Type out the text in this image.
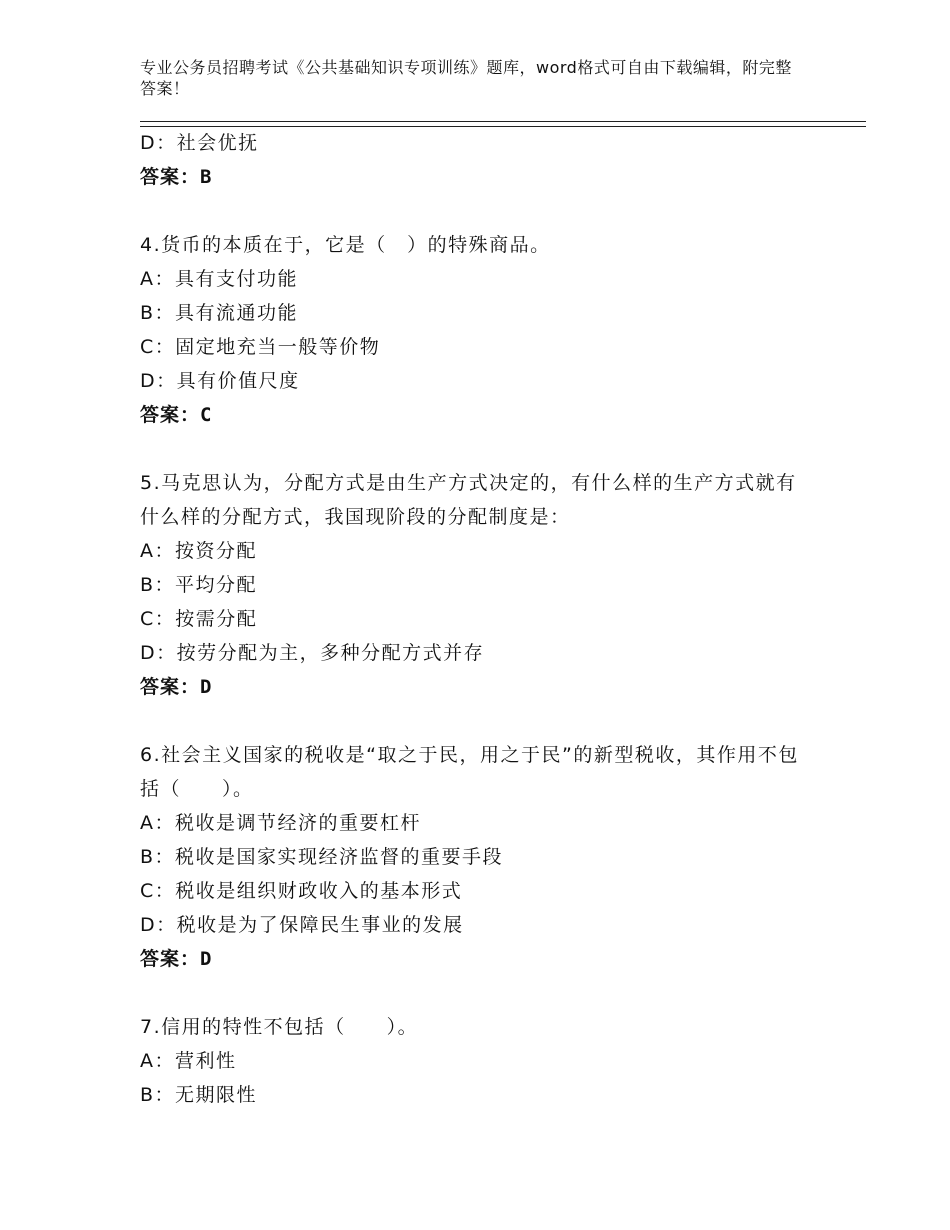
专业公务员招聘考试《公共基础知识专项训练》题库，word格式可自由下载编辑，附完整答案！
D：社会优抚
答案：B
4.货币的本质在于，它是（　）的特殊商品。
A：具有支付功能
B：具有流通功能
C：固定地充当一般等价物
D：具有价值尺度
答案：C
5.马克思认为，分配方式是由生产方式决定的，有什么样的生产方式就有什么样的分配方式，我国现阶段的分配制度是：
A：按资分配
B：平均分配
C：按需分配
D：按劳分配为主，多种分配方式并存
答案：D
6.社会主义国家的税收是“取之于民，用之于民”的新型税收，其作用不包括（　　）。
A：税收是调节经济的重要杠杆
B：税收是国家实现经济监督的重要手段
C：税收是组织财政收入的基本形式
D：税收是为了保障民生事业的发展
答案：D
7.信用的特性不包括（　　）。
A：营利性
B：无期限性
